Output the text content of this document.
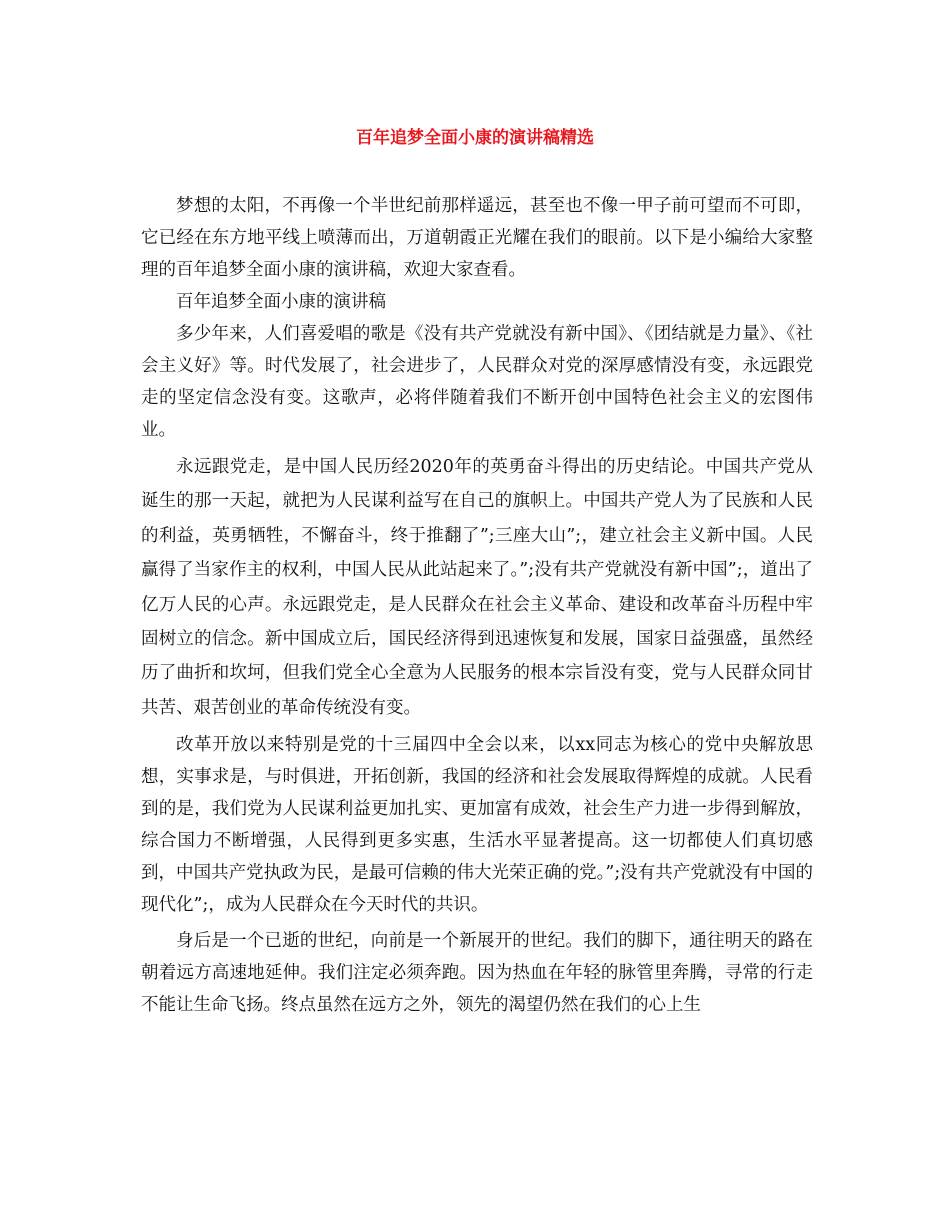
百年追梦全面小康的演讲稿精选

梦想的太阳，不再像一个半世纪前那样遥远，甚至也不像一甲子前可望而不可即，它已经在东方地平线上喷薄而出，万道朝霞正光耀在我们的眼前。以下是小编给大家整理的百年追梦全面小康的演讲稿，欢迎大家查看。

百年追梦全面小康的演讲稿

多少年来，人们喜爱唱的歌是《没有共产党就没有新中国》、《团结就是力量》、《社会主义好》等。时代发展了，社会进步了，人民群众对党的深厚感情没有变，永远跟党走的坚定信念没有变。这歌声，必将伴随着我们不断开创中国特色社会主义的宏图伟业。

永远跟党走，是中国人民历经2020年的英勇奋斗得出的历史结论。中国共产党从诞生的那一天起，就把为人民谋利益写在自己的旗帜上。中国共产党人为了民族和人民的利益，英勇牺牲，不懈奋斗，终于推翻了”;三座大山”;，建立社会主义新中国。人民赢得了当家作主的权利，中国人民从此站起来了。”;没有共产党就没有新中国”;，道出了亿万人民的心声。永远跟党走，是人民群众在社会主义革命、建设和改革奋斗历程中牢固树立的信念。新中国成立后，国民经济得到迅速恢复和发展，国家日益强盛，虽然经历了曲折和坎坷，但我们党全心全意为人民服务的根本宗旨没有变，党与人民群众同甘共苦、艰苦创业的革命传统没有变。

改革开放以来特别是党的十三届四中全会以来，以xx同志为核心的党中央解放思想，实事求是，与时俱进，开拓创新，我国的经济和社会发展取得辉煌的成就。人民看到的是，我们党为人民谋利益更加扎实、更加富有成效，社会生产力进一步得到解放，综合国力不断增强，人民得到更多实惠，生活水平显著提高。这一切都使人们真切感到，中国共产党执政为民，是最可信赖的伟大光荣正确的党。”;没有共产党就没有中国的现代化”;，成为人民群众在今天时代的共识。

身后是一个已逝的世纪，向前是一个新展开的世纪。我们的脚下，通往明天的路在朝着远方高速地延伸。我们注定必须奔跑。因为热血在年轻的脉管里奔腾，寻常的行走不能让生命飞扬。终点虽然在远方之外，领先的渴望仍然在我们的心上生
